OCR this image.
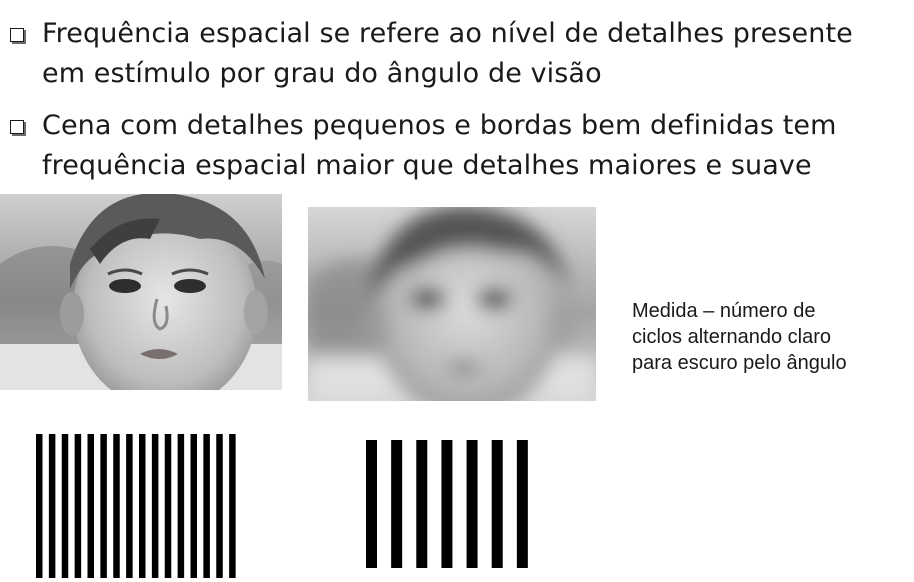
Frequência espacial se refere ao nível de detalhes presente
em estímulo por grau do ângulo de visão
Cena com detalhes pequenos e bordas bem definidas tem
frequência espacial maior que detalhes maiores e suave
Medida – número de
ciclos alternando claro
para escuro pelo ângulo
